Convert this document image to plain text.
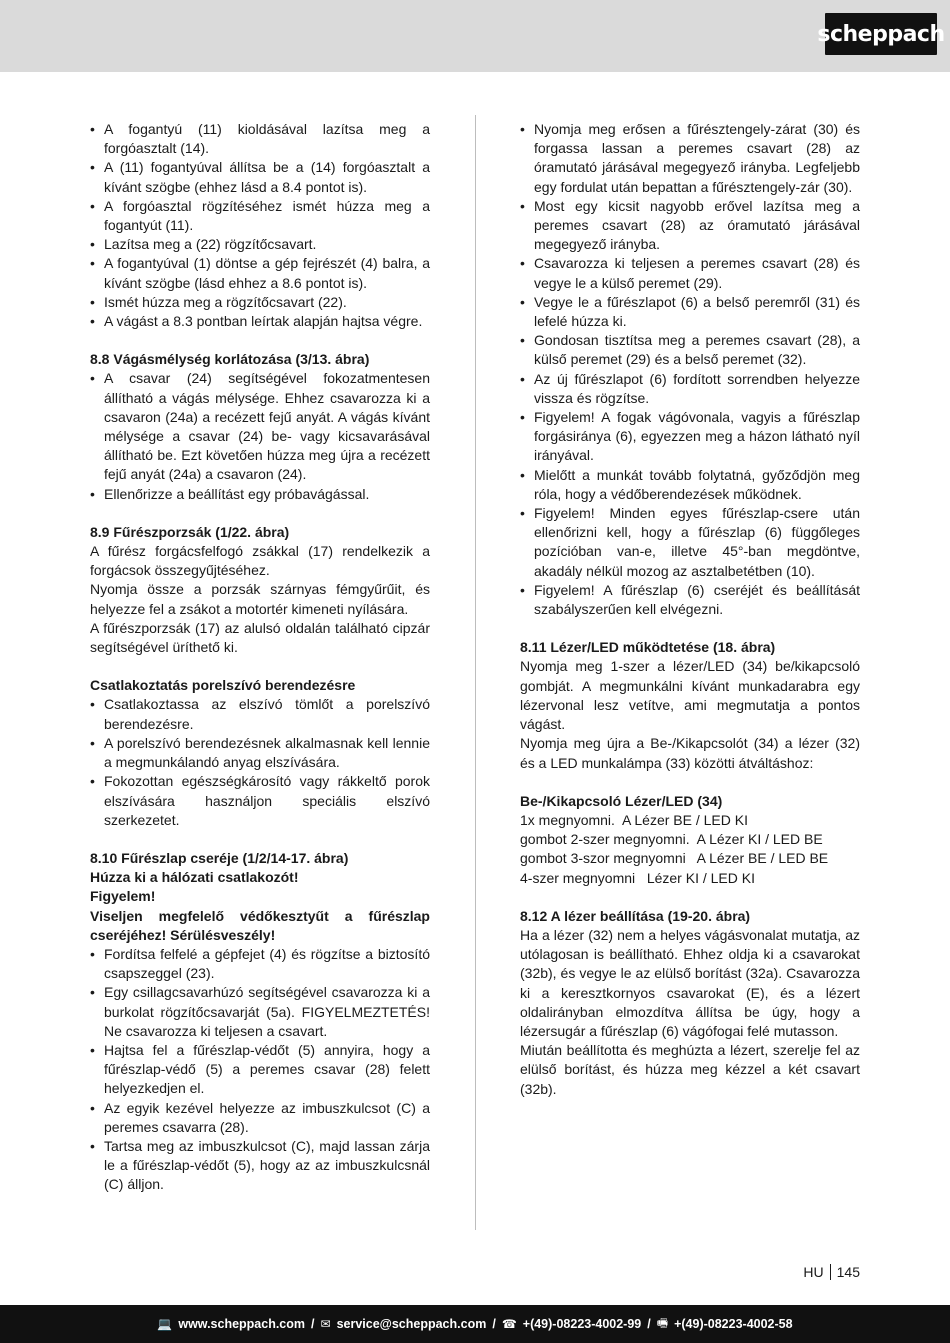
scheppach
• A fogantyú (11) kioldásával lazítsa meg a forgóasztalt (14).
• A (11) fogantyúval állítsa be a (14) forgóasztalt a kívánt szögbe (ehhez lásd a 8.4 pontot is).
• A forgóasztal rögzítéséhez ismét húzza meg a fogantyút (11).
• Lazítsa meg a (22) rögzítőcsavart.
• A fogantyúval (1) döntse a gép fejrészét (4) balra, a kívánt szögbe (lásd ehhez a 8.6 pontot is).
• Ismét húzza meg a rögzítőcsavart (22).
• A vágást a 8.3 pontban leírtak alapján hajtsa végre.
8.8 Vágásmélység korlátozása (3/13. ábra)
• A csavar (24) segítségével fokozatmentesen állítható a vágás mélysége. Ehhez csavarozza ki a csavaron (24a) a recézett fejű anyát. A vágás kívánt mélysége a csavar (24) be- vagy kicsavarásával állítható be. Ezt követően húzza meg újra a recézett fejű anyát (24a) a csavaron (24).
• Ellenőrizze a beállítást egy próbavágással.
8.9 Fűrészporzsák (1/22. ábra)

A fűrész forgácsfelfogó zsákkal (17) rendelkezik a forgácsok összegyűjtéséhez.

Nyomja össze a porzsák szárnyas fémgyűrűit, és helyezze fel a zsákot a motortér kimeneti nyílására.

A fűrészporzsák (17) az alulsó oldalán található cipzár segítségével üríthető ki.

Csatlakoztatás porelszívó berendezésre
• Csatlakoztassa az elszívó tömlőt a porelszívó berendezésre.
• A porelszívó berendezésnek alkalmasnak kell lennie a megmunkálandó anyag elszívására.
• Fokozottan egészségkárosító vagy rákkeltő porok elszívására használjon speciális elszívó szerkezetet.
8.10 Fűrészlap cseréje (1/2/14-17. ábra)
Húzza ki a hálózati csatlakozót!
Figyelem!
Viseljen megfelelő védőkesztyűt a fűrészlap cseréjéhez! Sérülésveszély!
• Fordítsa felfelé a gépfejet (4) és rögzítse a biztosító csapszeggel (23).
• Egy csillagcsavarhúzó segítségével csavarozza ki a burkolat rögzítőcsavarját (5a). FIGYELMEZTETÉS! Ne csavarozza ki teljesen a csavart.
• Hajtsa fel a fűrészlap-védőt (5) annyira, hogy a fűrészlap-védő (5) a peremes csavar (28) felett helyezkedjen el.
• Az egyik kezével helyezze az imbuszkulcsot (C) a peremes csavarra (28).
• Tartsa meg az imbuszkulcsot (C), majd lassan zárja le a fűrészlap-védőt (5), hogy az az imbuszkulcsnál (C) álljon.
• Nyomja meg erősen a fűrésztengely-zárat (30) és forgassa lassan a peremes csavart (28) az óramutató járásával megegyező irányba. Legfeljebb egy fordulat után bepattan a fűrésztengely-zár (30).
• Most egy kicsit nagyobb erővel lazítsa meg a peremes csavart (28) az óramutató járásával megegyező irányba.
• Csavarozza ki teljesen a peremes csavart (28) és vegye le a külső peremet (29).
• Vegye le a fűrészlapot (6) a belső peremről (31) és lefelé húzza ki.
• Gondosan tisztítsa meg a peremes csavart (28), a külső peremet (29) és a belső peremet (32).
• Az új fűrészlapot (6) fordított sorrendben helyezze vissza és rögzítse.
• Figyelem! A fogak vágóvonala, vagyis a fűrészlap forgásiránya (6), egyezzen meg a házon látható nyíl irányával.
• Mielőtt a munkát tovább folytatná, győződjön meg róla, hogy a védőberendezések működnek.
• Figyelem! Minden egyes fűrészlap-csere után ellenőrizni kell, hogy a fűrészlap (6) függőleges pozícióban van-e, illetve 45°-ban megdöntve, akadály nélkül mozog az asztalbetétben (10).
• Figyelem! A fűrészlap (6) cseréjét és beállítását szabályszerűen kell elvégezni.
8.11 Lézer/LED működtetése (18. ábra)

Nyomja meg 1-szer a lézer/LED (34) be/kikapcsoló gombját. A megmunkálni kívánt munkadarabra egy lézervonal lesz vetítve, ami megmutatja a pontos vágást.

Nyomja meg újra a Be-/Kikapcsolót (34) a lézer (32) és a LED munkalámpa (33) közötti átváltáshoz:

Be-/Kikapcsoló Lézer/LED (34)
1x megnyomni.  A Lézer BE / LED KI
gombot 2-szer megnyomni.  A Lézer KI / LED BE
gombot 3-szor megnyomni   A Lézer BE / LED BE
4-szer megnyomni   Lézer KI / LED KI
8.12 A lézer beállítása (19-20. ábra)

Ha a lézer (32) nem a helyes vágásvonalat mutatja, az utólagosan is beállítható. Ehhez oldja ki a csavarokat (32b), és vegye le az elülső borítást (32a). Csavarozza ki a keresztkornyos csavarokat (E), és a lézert oldalirányban elmozdítva állítsa be úgy, hogy a lézersugár a fűrészlap (6) vágófogai felé mutasson.

Miután beállította és meghúzta a lézert, szerelje fel az elülső borítást, és húzza meg kézzel a két csavart (32b).

HU 145
💻 www.scheppach.com / ✉ service@scheppach.com / ☎ +(49)-08223-4002-99 / 🖷 +(49)-08223-4002-58
